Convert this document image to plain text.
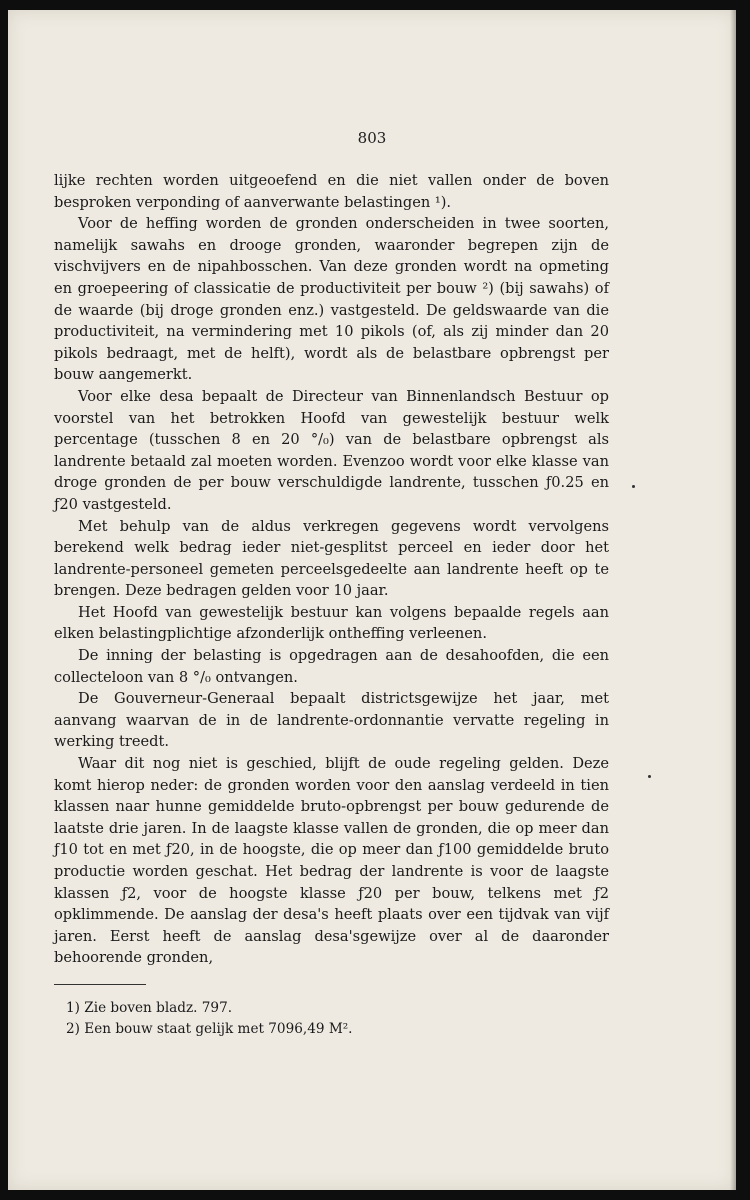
803

lijke rechten worden uitgeoefend en die niet vallen onder de boven besproken verponding of aanverwante belastingen ¹).

Voor de heffing worden de gronden onderscheiden in twee soorten, namelijk sawahs en drooge gronden, waaronder begrepen zijn de vischvijvers en de nipahbosschen. Van deze gronden wordt na opmeting en groepeering of classicatie de productiviteit per bouw ²) (bij sawahs) of de waarde (bij droge gronden enz.) vastgesteld. De geldswaarde van die productiviteit, na vermindering met 10 pikols (of, als zij minder dan 20 pikols bedraagt, met de helft), wordt als de belastbare opbrengst per bouw aangemerkt.

Voor elke desa bepaalt de Directeur van Binnenlandsch Bestuur op voorstel van het betrokken Hoofd van gewestelijk bestuur welk percentage (tusschen 8 en 20 °/₀) van de belastbare opbrengst als landrente betaald zal moeten worden. Evenzoo wordt voor elke klasse van droge gronden de per bouw verschuldigde landrente, tusschen ƒ0.25 en ƒ20 vastgesteld.

Met behulp van de aldus verkregen gegevens wordt vervolgens berekend welk bedrag ieder niet-gesplitst perceel en ieder door het landrente-personeel gemeten perceelsgedeelte aan landrente heeft op te brengen. Deze bedragen gelden voor 10 jaar.

Het Hoofd van gewestelijk bestuur kan volgens bepaalde regels aan elken belastingplichtige afzonderlijk ontheffing verleenen.

De inning der belasting is opgedragen aan de desahoofden, die een collecteloon van 8 °/₀ ontvangen.

De Gouverneur-Generaal bepaalt districtsgewijze het jaar, met aanvang waarvan de in de landrente-ordonnantie vervatte regeling in werking treedt.

Waar dit nog niet is geschied, blijft de oude regeling gelden. Deze komt hierop neder: de gronden worden voor den aanslag verdeeld in tien klassen naar hunne gemiddelde bruto-opbrengst per bouw gedurende de laatste drie jaren. In de laagste klasse vallen de gronden, die op meer dan ƒ10 tot en met ƒ20, in de hoogste, die op meer dan ƒ100 gemiddelde bruto productie worden geschat. Het bedrag der landrente is voor de laagste klassen ƒ2, voor de hoogste klasse ƒ20 per bouw, telkens met ƒ2 opklimmende. De aanslag der desa's heeft plaats over een tijdvak van vijf jaren. Eerst heeft de aanslag desa'sgewijze over al de daaronder behoorende gronden,

1) Zie boven bladz. 797.

2) Een bouw staat gelijk met 7096,49 M².
